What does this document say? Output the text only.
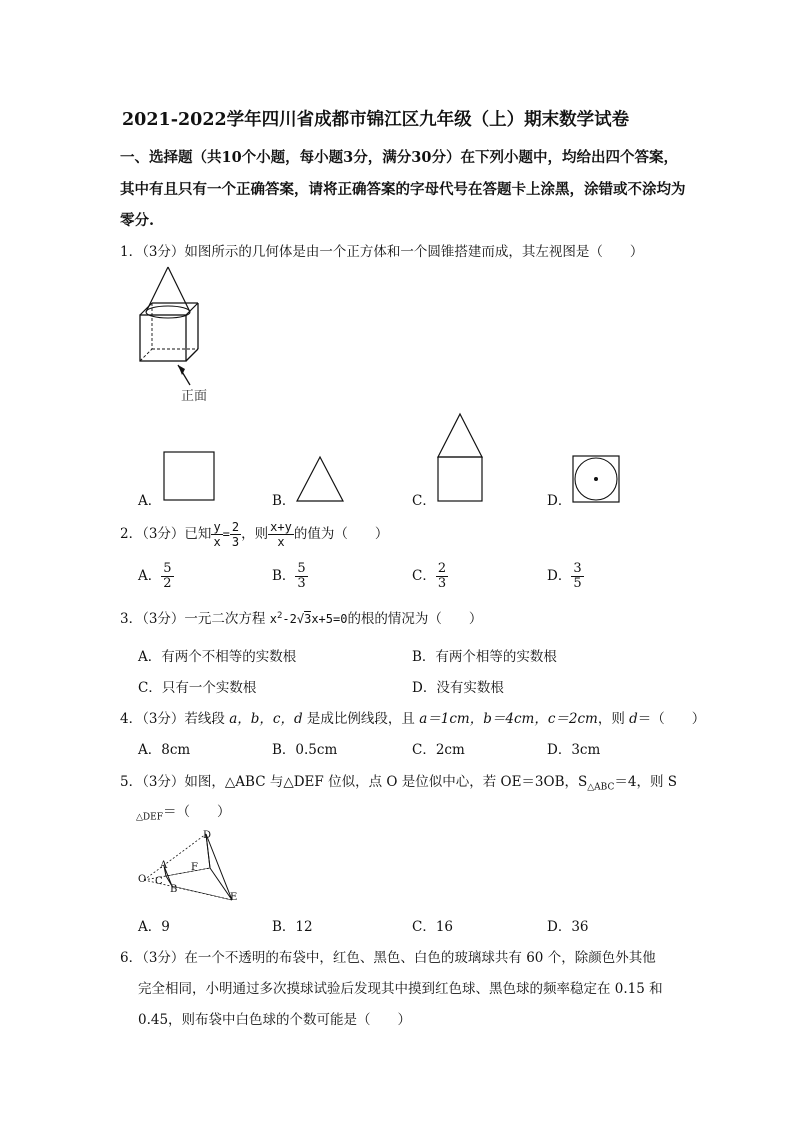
2021-2022学年四川省成都市锦江区九年级（上）期末数学试卷
一、选择题（共10个小题，每小题3分，满分30分）在下列小题中，均给出四个答案，
其中有且只有一个正确答案，请将正确答案的字母代号在答题卡上涂黑，涂错或不涂均为
零分.
1．（3分）如图所示的几何体是由一个正方体和一个圆锥搭建而成，其左视图是（　　）
正面
A．	B．	C．	D．
2．（3分）已知 $\frac{y}{x} = \frac{2}{3}$ ，则 $\frac{x+y}{x}$ 的值为（　　）
A． $\frac{5}{2}$	B． $\frac{5}{3}$	C． $\frac{2}{3}$	D． $\frac{3}{5}$
3．（3分）一元二次方程 $x^2-2√3x+5=0$的根的情况为（　　）
A．有两个不相等的实数根	B．有两个相等的实数根
C．只有一个实数根	D．没有实数根
4．（3分）若线段 a，b，c，d 是成比例线段，且 a＝1cm，b＝4cm，c＝2cm，则 d＝（　　）
A．8cm	B．0.5cm	C．2cm	D．3cm
5．（3分）如图，△ABC 与△DEF 位似，点 O 是位似中心，若 OE＝3OB，$S_{\triangle ABC}=4$，则 S
$_{\triangle DEF}$＝（　　）
O
A
B
C
D
E
F
A．9	B．12	C．16	D．36
6．（3分）在一个不透明的布袋中，红色、黑色、白色的玻璃球共有 60 个，除颜色外其他
完全相同，小明通过多次摸球试验后发现其中摸到红色球、黑色球的频率稳定在 0.15 和
0.45，则布袋中白色球的个数可能是（　　）
